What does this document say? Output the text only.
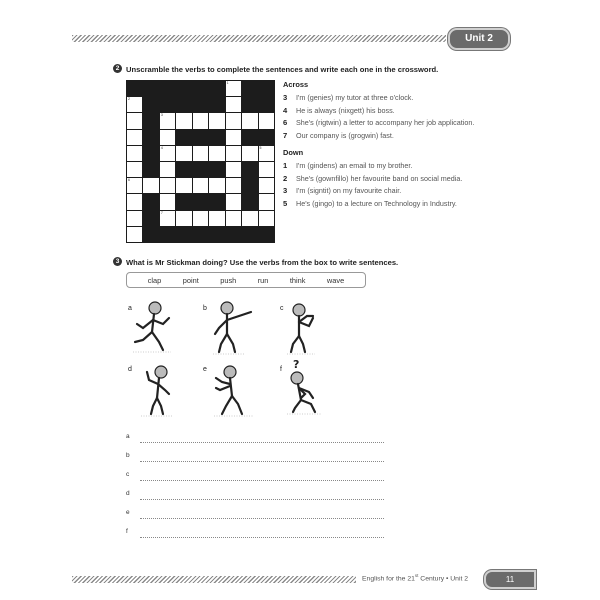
Unit 2
2 Unscramble the verbs to complete the sentences and write each one in the crossword.
1
2
3
4	5
6
7
Across
3 I'm (genies) my tutor at three o'clock.
4 He is always (nixgett) his boss.
6 She's (rigtwin) a letter to accompany her job application.
7 Our company is (grogwin) fast.
Down
1 I'm (gindens) an email to my brother.
2 She's (gownfillo) her favourite band on social media.
3 I'm (signtit) on my favourite chair.
5 He's (gingo) to a lecture on Technology in Industry.
3 What is Mr Stickman doing? Use the verbs from the box to write sentences.
clap	point	push	run	think	wave
a	b	c
d	e	f ?
a
b
c
d
e
f
English for the 21st Century • Unit 2	11
